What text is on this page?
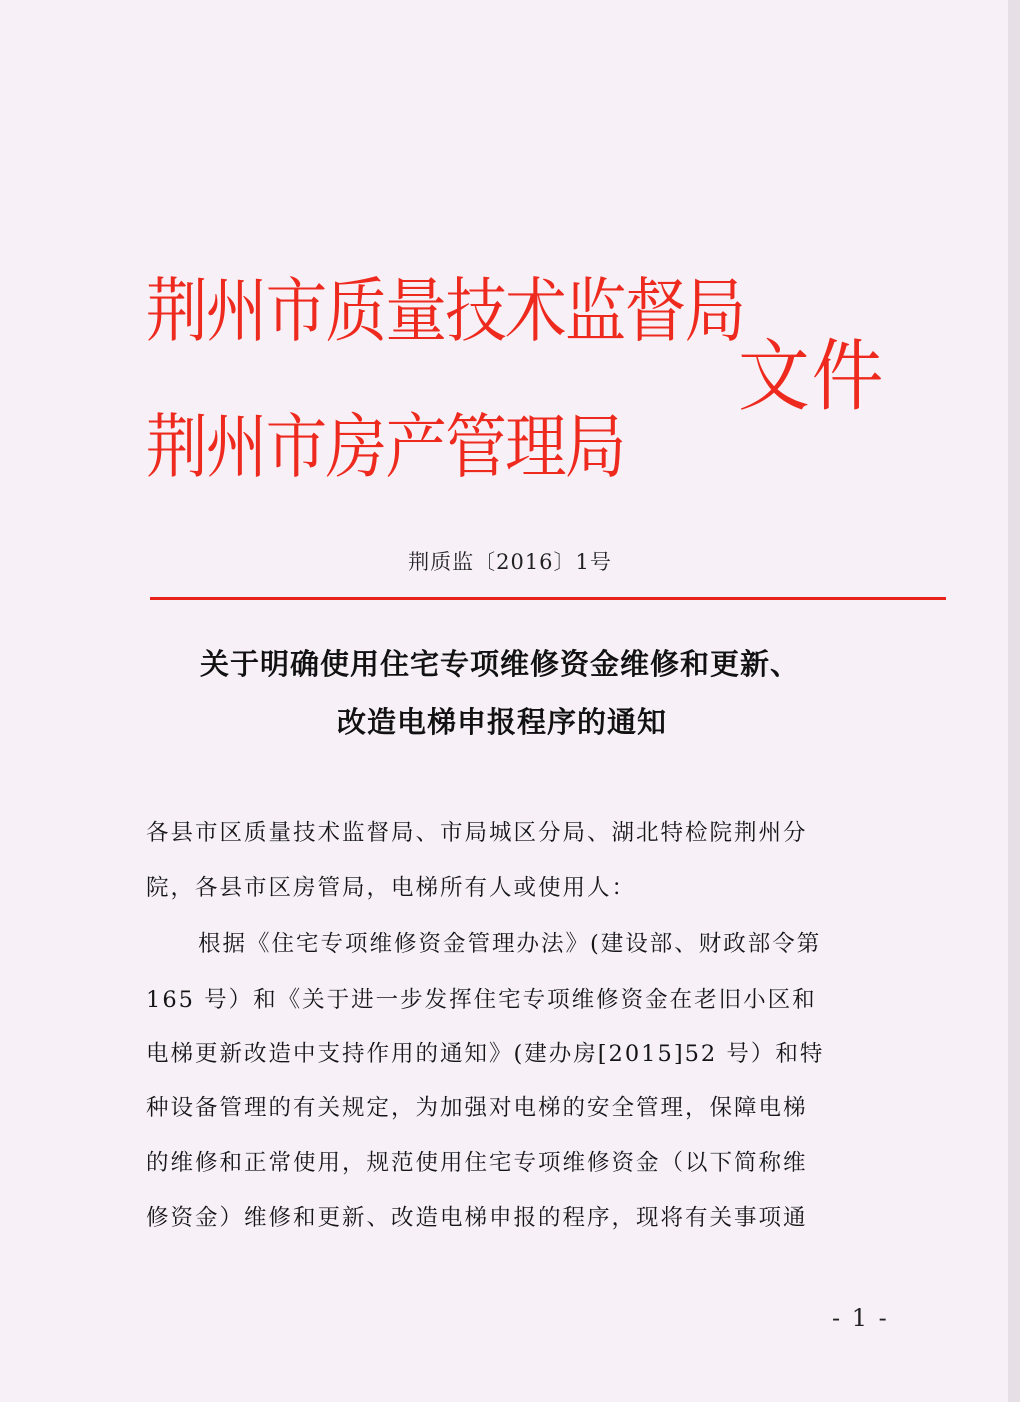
荆州市质量技术监督局
荆州市房产管理局
文件
荆质监〔2016〕1号
关于明确使用住宅专项维修资金维修和更新、
改造电梯申报程序的通知
各县市区质量技术监督局、市局城区分局、湖北特检院荆州分
院，各县市区房管局，电梯所有人或使用人：
根据《住宅专项维修资金管理办法》(建设部、财政部令第
165 号）和《关于进一步发挥住宅专项维修资金在老旧小区和
电梯更新改造中支持作用的通知》(建办房[2015]52 号）和特
种设备管理的有关规定，为加强对电梯的安全管理，保障电梯
的维修和正常使用，规范使用住宅专项维修资金（以下简称维
修资金）维修和更新、改造电梯申报的程序，现将有关事项通
- 1 -
